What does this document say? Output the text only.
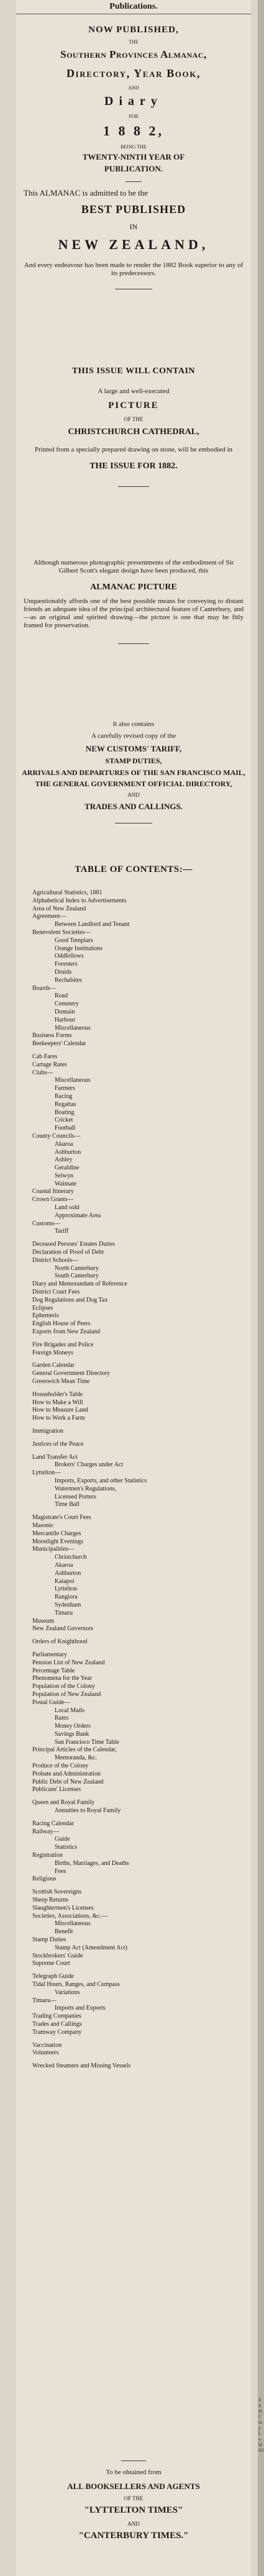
Publications.
NOW PUBLISHED,
THE
Southern Provinces Almanac,
Directory, Year Book,
AND
Diary
FOR
1 8 8 2,
BEING THE
TWENTY-NINTH YEAR OF
PUBLICATION.
This ALMANAC is admitted to be the
BEST PUBLISHED
IN
NEW ZEALAND,
And every endeavour has been made to render the 1882 Book superior to any of its predecessors.
THIS ISSUE WILL CONTAIN
A large and well-executed
PICTURE
OF THE
CHRISTCHURCH CATHEDRAL,
Printed from a specially prepared drawing on stone, will be embodied in
THE ISSUE FOR 1882.
Although numerous photographic presentments of the embodiment of Sir Gilbert Scott's elegant design have been produced, this
ALMANAC PICTURE
Unquestionably affords one of the best possible means for conveying to distant friends an adequate idea of the principal architectural feature of Canterbury, and—as an original and spirited drawing—the picture is one that may be fitly framed for preservation.
It also contains
A carefully revised copy of the
NEW CUSTOMS' TARIFF,
STAMP DUTIES,
ARRIVALS AND DEPARTURES OF THE SAN FRANCISCO MAIL,
THE GENERAL GOVERNMENT OFFICIAL DIRECTORY,
AND
TRADES AND CALLINGS.
TABLE OF CONTENTS:—
Agricultural Statistics, 1881
Alphabetical Index to Advertisements
Area of New Zealand
Agreement—
Between Landlord and Tenant
Benevolent Societies—
Good Templars
Orange Institutions
Oddfellows
Foresters
Druids
Rechabites
Boards—
Road
Cemetery
Domain
Harbour
Miscellaneous
Business Forms
Beekeepers' Calendar

Cab Fares
Cartage Rates
Clubs—
Miscellaneous
Farmers
Racing
Regattas
Boating
Cricket
Football
County Councils—
Akaroa
Ashburton
Ashley
Geraldine
Selwyn
Waimate
Coastal Itinerary
Crown Grants—
Land sold
Approximate Area
Customs—
Tariff

Deceased Persons' Estates Duties
Declaration of Proof of Debt
District Schools—
North Canterbury
South Canterbury
Diary and Memorandum of Reference
District Court Fees
Dog Regulations and Dog Tax
Eclipses
Ephemeris
English House of Peers
Exports from New Zealand

Fire Brigades and Police
Foreign Moneys

Garden Calendar
General Government Directory
Greenwich Mean Time

Householder's Table
How to Make a Will
How to Measure Land
How to Work a Farm

Immigration

Justices of the Peace

Land Transfer Act
Brokers' Charges under Act
Lyttelton—
Imports, Exports, and other Statistics
Watermen's Regulations,
Licensed Porters
Time Ball

Magistrate's Court Fees
Masonic
Mercantile Charges
Moonlight Evenings
Municipalities—
Christchurch
Akaroa
Ashburton
Kaiapoi
Lyttelton
Rangiora
Sydenham
Timaru
Museum
New Zealand Governors

Orders of Knighthood

Parliamentary
Pension List of New Zealand
Percentage Table
Phenomena for the Year
Population of the Colony
Population of New Zealand
Postal Guide—
Local Mails
Rates
Money Orders
Savings Bank
San Francisco Time Table
Principal Articles of the Calendar,
Memoranda, &c.
Produce of the Colony
Probate and Administration
Public Debt of New Zealand
Publicans' Licenses

Queen and Royal Family
Annuities to Royal Family

Racing Calendar
Railway—
Guide
Statistics
Registration
Births, Marriages, and Deaths
Fees
Religious

Scottish Sovereigns
Sheep Returns
Slaughtermen's Licenses
Societies, Associations, &c.—
Miscellaneous
Benefit
Stamp Duties
Stamp Act (Amendment Act)
Stockbrokers' Guide
Supreme Court

Telegraph Guide
Tidal Hours, Ranges, and Compass
Variations
Timaru—
Imports and Exports
Trading Companies
Trades and Callings
Tramway Company

Vaccination
Volunteers

Wrecked Steamers and Missing Vessels
To be obtained from
ALL BOOKSELLERS AND AGENTS
OF THE
"LYTTELTON TIMES"
AND
"CANTERBURY TIMES."
Ed th Chiy Lo ld 8d
